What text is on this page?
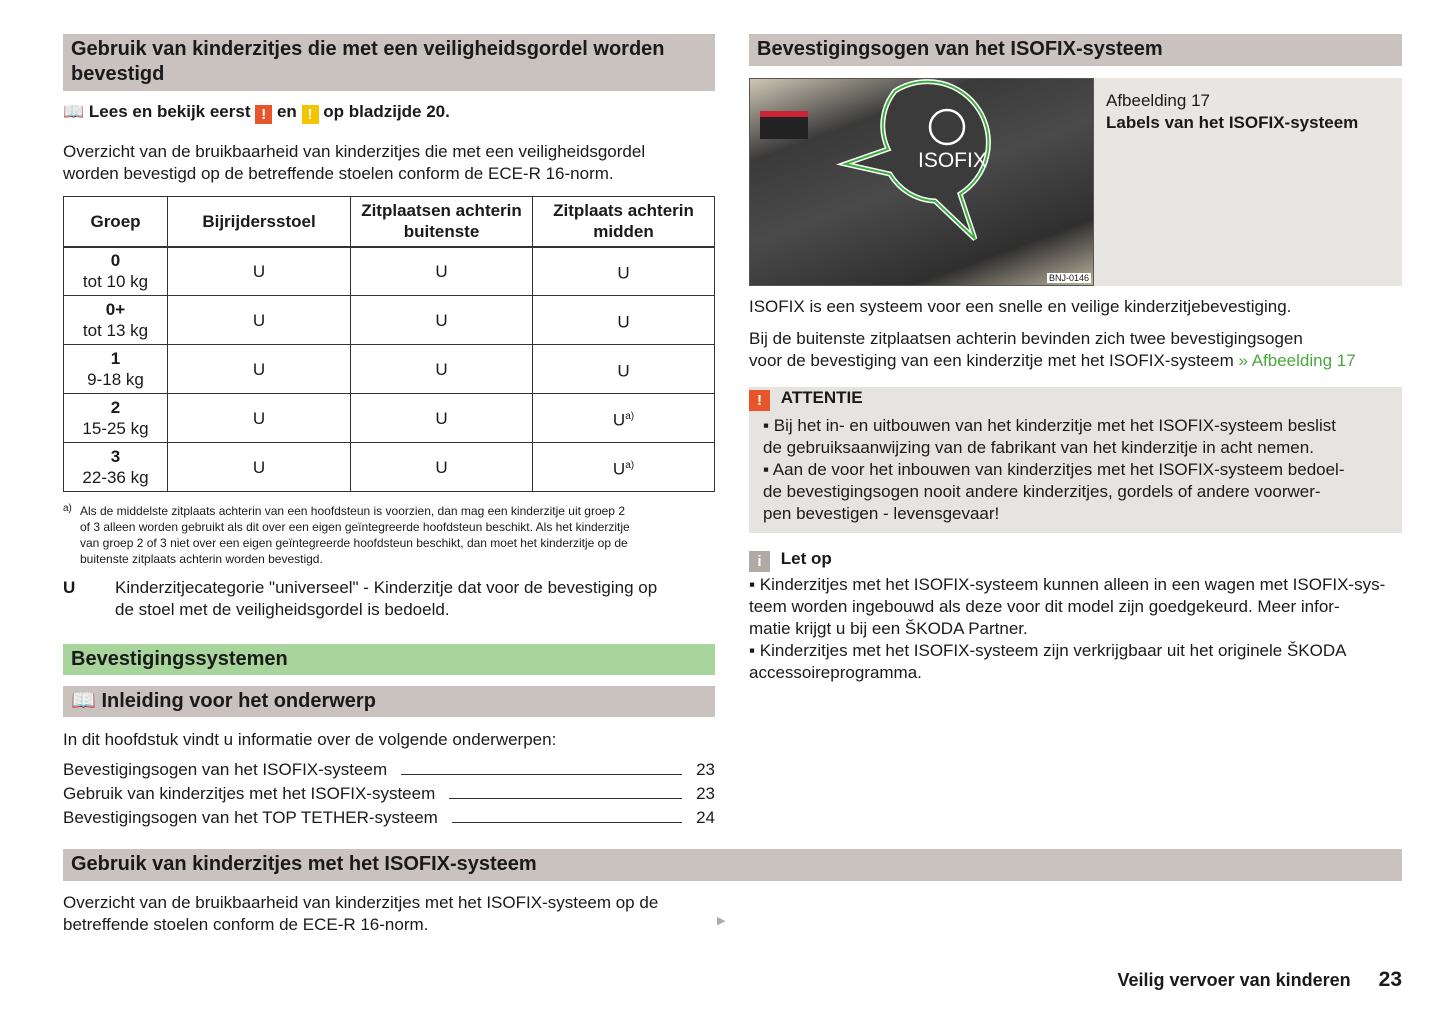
Gebruik van kinderzitjes die met een veiligheidsgordel worden
bevestigd
📖 Lees en bekijk eerst ! en ! op bladzijde 20.
Overzicht van de bruikbaarheid van kinderzitjes die met een veiligheidsgordel
worden bevestigd op de betreffende stoelen conform de ECE-R 16-norm.
Groep	Bijrijdersstoel	Zitplaatsen achterin buitenste	Zitplaats achterin midden

0
tot 10 kg	U	U	U

0+
tot 13 kg	U	U	U

1
9-18 kg	U	U	U

2
15-25 kg	U	U	$U^{a)}$

3
22-36 kg	U	U	$U^{a)}$
a) Als de middelste zitplaats achterin van een hoofdsteun is voorzien, dan mag een kinderzitje uit groep 2
of 3 alleen worden gebruikt als dit over een eigen geïntegreerde hoofdsteun beschikt. Als het kinderzitje
van groep 2 of 3 niet over een eigen geïntegreerde hoofdsteun beschikt, dan moet het kinderzitje op de
buitenste zitplaats achterin worden bevestigd.
U Kinderzitjecategorie "universeel" - Kinderzitje dat voor de bevestiging op
de stoel met de veiligheidsgordel is bedoeld.
Bevestigingssystemen
📖 Inleiding voor het onderwerp
In dit hoofdstuk vindt u informatie over de volgende onderwerpen:
Bevestigingsogen van het ISOFIX-systeem	23
Gebruik van kinderzitjes met het ISOFIX-systeem	23
Bevestigingsogen van het TOP TETHER-systeem	24
Gebruik van kinderzitjes met het ISOFIX-systeem
Overzicht van de bruikbaarheid van kinderzitjes met het ISOFIX-systeem op de
betreffende stoelen conform de ECE-R 16-norm.	▶
Bevestigingsogen van het ISOFIX-systeem
ISOFIX
BNJ-0146
Afbeelding 17
Labels van het ISOFIX-systeem
ISOFIX is een systeem voor een snelle en veilige kinderzitjebevestiging.
Bij de buitenste zitplaatsen achterin bevinden zich twee bevestigingsogen
voor de bevestiging van een kinderzitje met het ISOFIX-systeem » Afbeelding 17
! ATTENTIE
▪ Bij het in- en uitbouwen van het kinderzitje met het ISOFIX-systeem beslist
de gebruiksaanwijzing van de fabrikant van het kinderzitje in acht nemen.
▪ Aan de voor het inbouwen van kinderzitjes met het ISOFIX-systeem bedoel-
de bevestigingsogen nooit andere kinderzitjes, gordels of andere voorwer-
pen bevestigen - levensgevaar!
i Let op
▪ Kinderzitjes met het ISOFIX-systeem kunnen alleen in een wagen met ISOFIX-sys-
teem worden ingebouwd als deze voor dit model zijn goedgekeurd. Meer infor-
matie krijgt u bij een ŠKODA Partner.
▪ Kinderzitjes met het ISOFIX-systeem zijn verkrijgbaar uit het originele ŠKODA
accessoireprogramma.
Veilig vervoer van kinderen 23
